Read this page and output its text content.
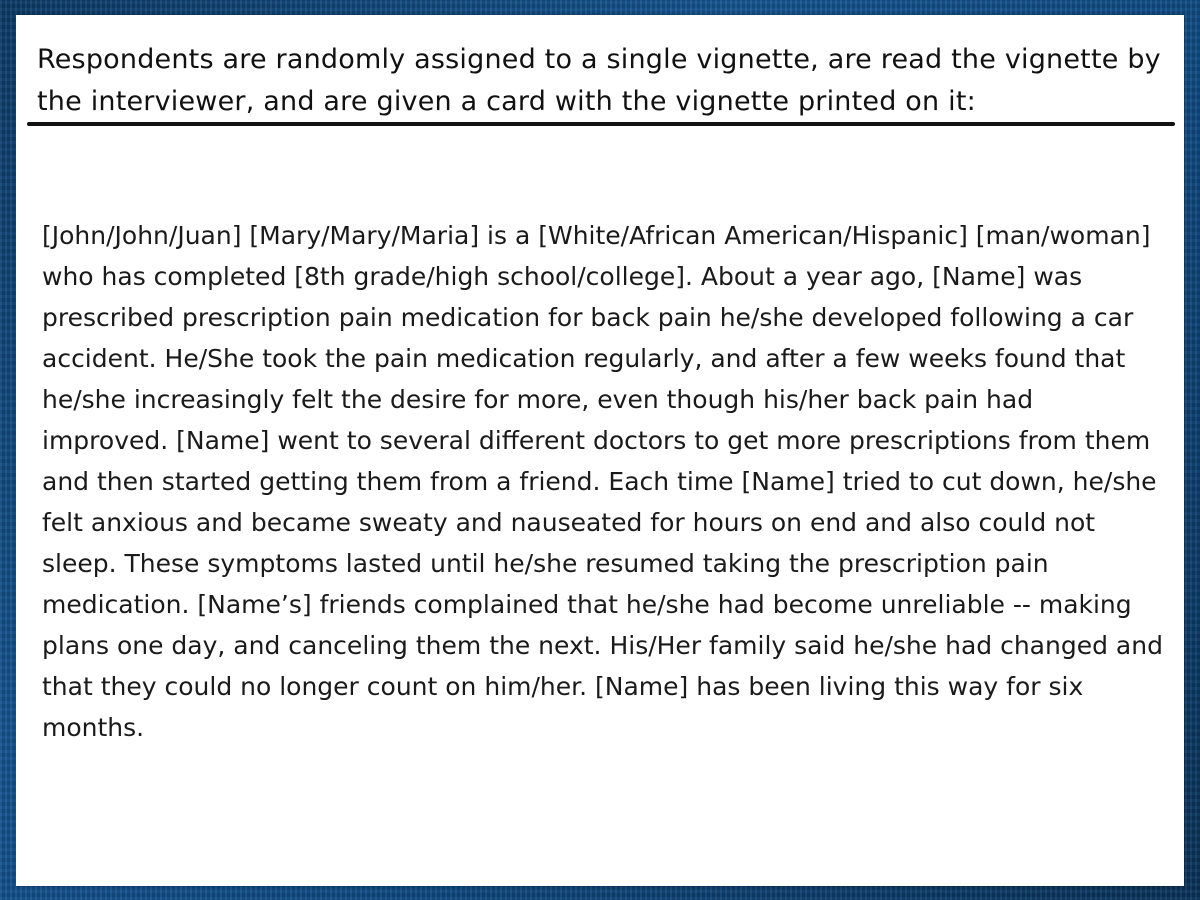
Respondents are randomly assigned to a single vignette, are read the vignette by the interviewer, and are given a card with the vignette printed on it:

[John/John/Juan] [Mary/Mary/Maria] is a [White/African American/Hispanic] [man/woman] who has completed [8th grade/high school/college]. About a year ago, [Name] was prescribed prescription pain medication for back pain he/she developed following a car accident. He/She took the pain medication regularly, and after a few weeks found that he/she increasingly felt the desire for more, even though his/her back pain had improved. [Name] went to several different doctors to get more prescriptions from them and then started getting them from a friend. Each time [Name] tried to cut down, he/she felt anxious and became sweaty and nauseated for hours on end and also could not sleep. These symptoms lasted until he/she resumed taking the prescription pain medication. [Name’s] friends complained that he/she had become unreliable -- making plans one day, and canceling them the next. His/Her family said he/she had changed and that they could no longer count on him/her. [Name] has been living this way for six months.
